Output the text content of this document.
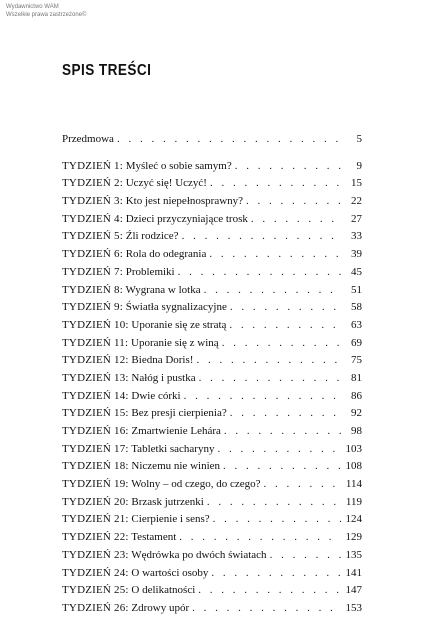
Wydawnictwo WAM
Wszelkie prawa zastrzeżone©
SPIS TREŚCI
Przedmowa . . .	5
TYDZIEŃ 1: Myśleć o sobie samym? . . .	9
TYDZIEŃ 2: Uczyć się! Uczyć! . . .	15
TYDZIEŃ 3: Kto jest niepełnosprawny? . . .	22
TYDZIEŃ 4: Dzieci przyczyniające trosk . . .	27
TYDZIEŃ 5: Źli rodzice? . . .	33
TYDZIEŃ 6: Rola do odegrania . . .	39
TYDZIEŃ 7: Problemiki . . .	45
TYDZIEŃ 8: Wygrana w lotka . . .	51
TYDZIEŃ 9: Światła sygnalizacyjne . . .	58
TYDZIEŃ 10: Uporanie się ze stratą . . .	63
TYDZIEŃ 11: Uporanie się z winą . . .	69
TYDZIEŃ 12: Biedna Doris! . . .	75
TYDZIEŃ 13: Nałóg i pustka . . .	81
TYDZIEŃ 14: Dwie córki . . .	86
TYDZIEŃ 15: Bez presji cierpienia? . . .	92
TYDZIEŃ 16: Zmartwienie Lehára . . .	98
TYDZIEŃ 17: Tabletki sacharyny . . .	103
TYDZIEŃ 18: Niczemu nie winien . . .	108
TYDZIEŃ 19: Wolny – od czego, do czego? . . .	114
TYDZIEŃ 20: Brzask jutrzenki . . .	119
TYDZIEŃ 21: Cierpienie i sens? . . .	124
TYDZIEŃ 22: Testament . . .	129
TYDZIEŃ 23: Wędrówka po dwóch światach . . .	135
TYDZIEŃ 24: O wartości osoby . . .	141
TYDZIEŃ 25: O delikatności . . .	147
TYDZIEŃ 26: Zdrowy upór . . .	153
